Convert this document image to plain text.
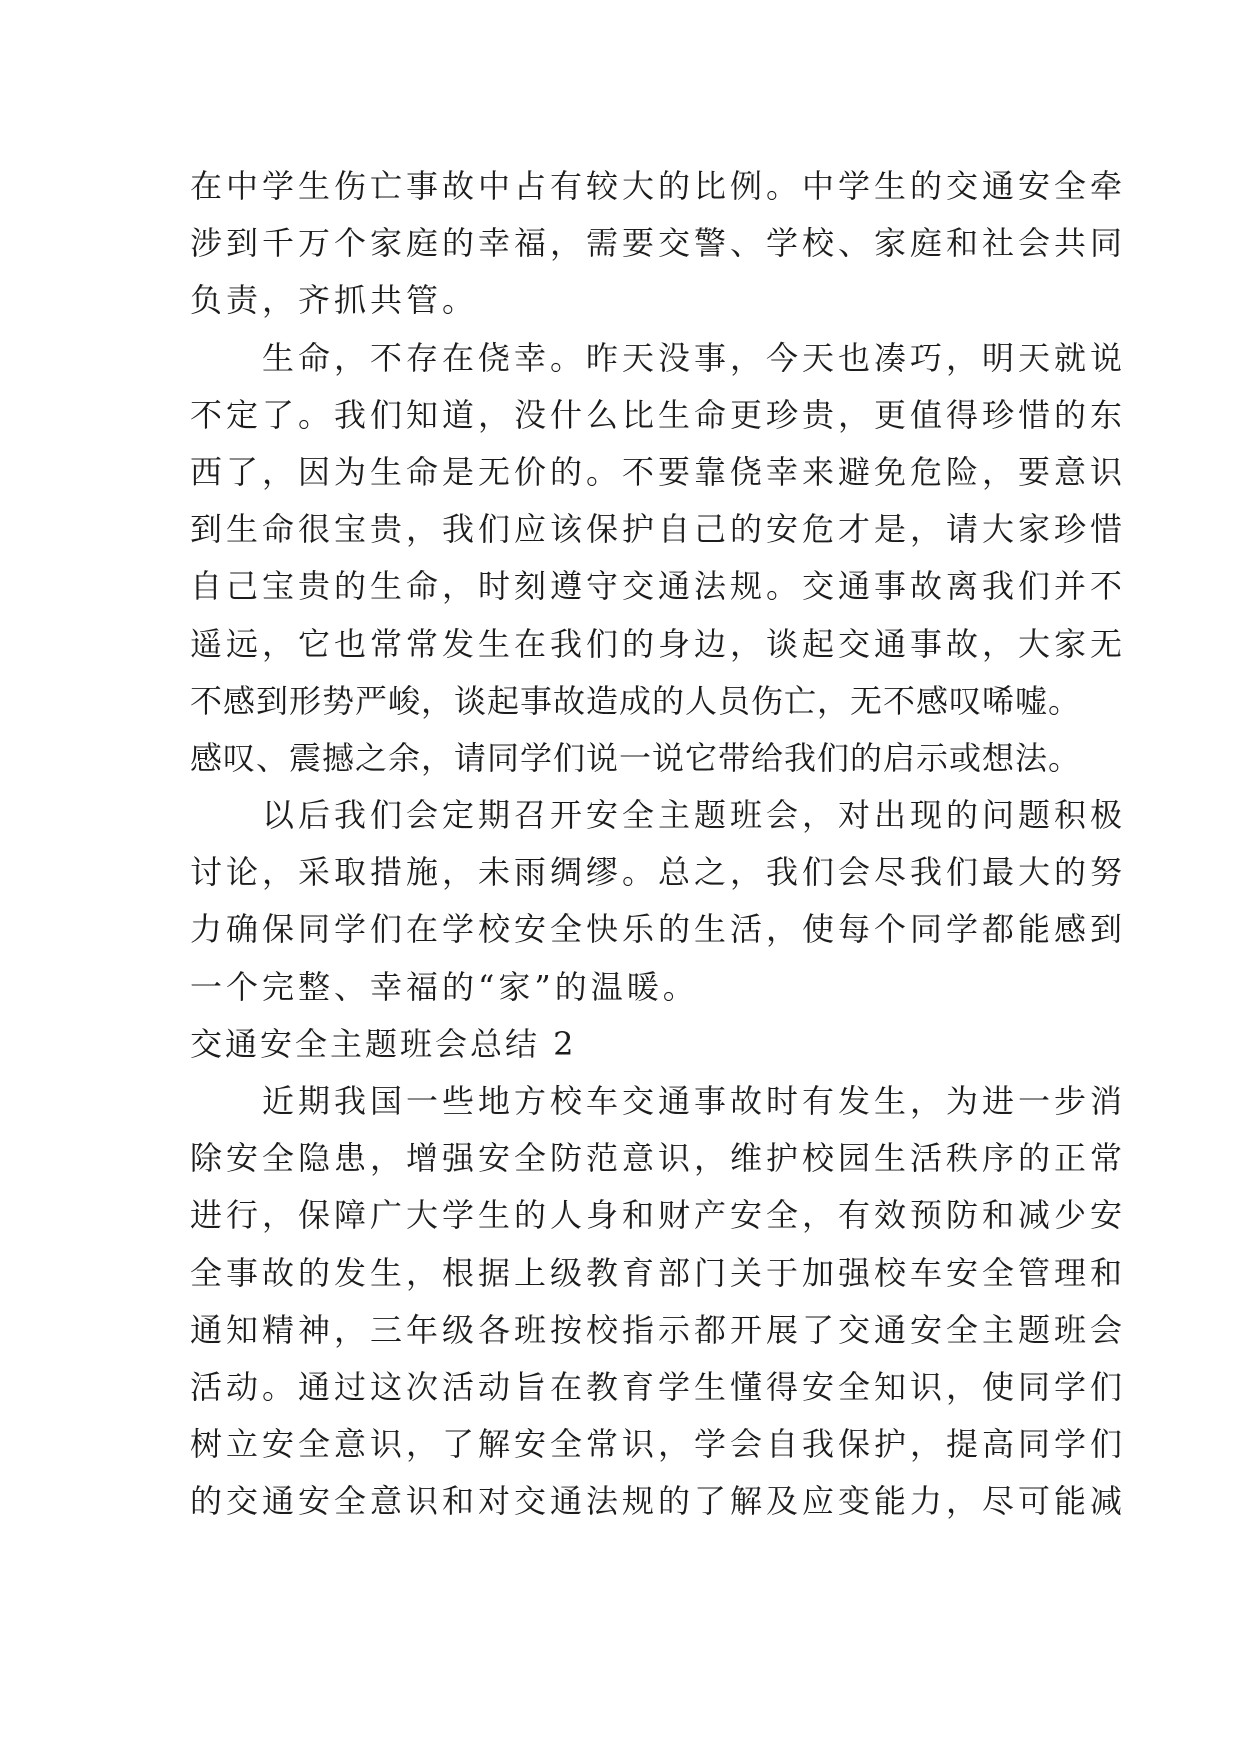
在中学生伤亡事故中占有较大的比例。中学生的交通安全牵
涉到千万个家庭的幸福，需要交警、学校、家庭和社会共同
负责，齐抓共管。
生命，不存在侥幸。昨天没事，今天也凑巧，明天就说
不定了。我们知道，没什么比生命更珍贵，更值得珍惜的东
西了，因为生命是无价的。不要靠侥幸来避免危险，要意识
到生命很宝贵，我们应该保护自己的安危才是，请大家珍惜
自己宝贵的生命，时刻遵守交通法规。交通事故离我们并不
遥远，它也常常发生在我们的身边，谈起交通事故，大家无
不感到形势严峻，谈起事故造成的人员伤亡，无不感叹唏嘘。
感叹、震撼之余，请同学们说一说它带给我们的启示或想法。
以后我们会定期召开安全主题班会，对出现的问题积极
讨论，采取措施，未雨绸缪。总之，我们会尽我们最大的努
力确保同学们在学校安全快乐的生活，使每个同学都能感到
一个完整、幸福的“家”的温暖。
交通安全主题班会总结 2
近期我国一些地方校车交通事故时有发生，为进一步消
除安全隐患，增强安全防范意识，维护校园生活秩序的正常
进行，保障广大学生的人身和财产安全，有效预防和减少安
全事故的发生，根据上级教育部门关于加强校车安全管理和
通知精神，三年级各班按校指示都开展了交通安全主题班会
活动。通过这次活动旨在教育学生懂得安全知识，使同学们
树立安全意识，了解安全常识，学会自我保护，提高同学们
的交通安全意识和对交通法规的了解及应变能力，尽可能减
